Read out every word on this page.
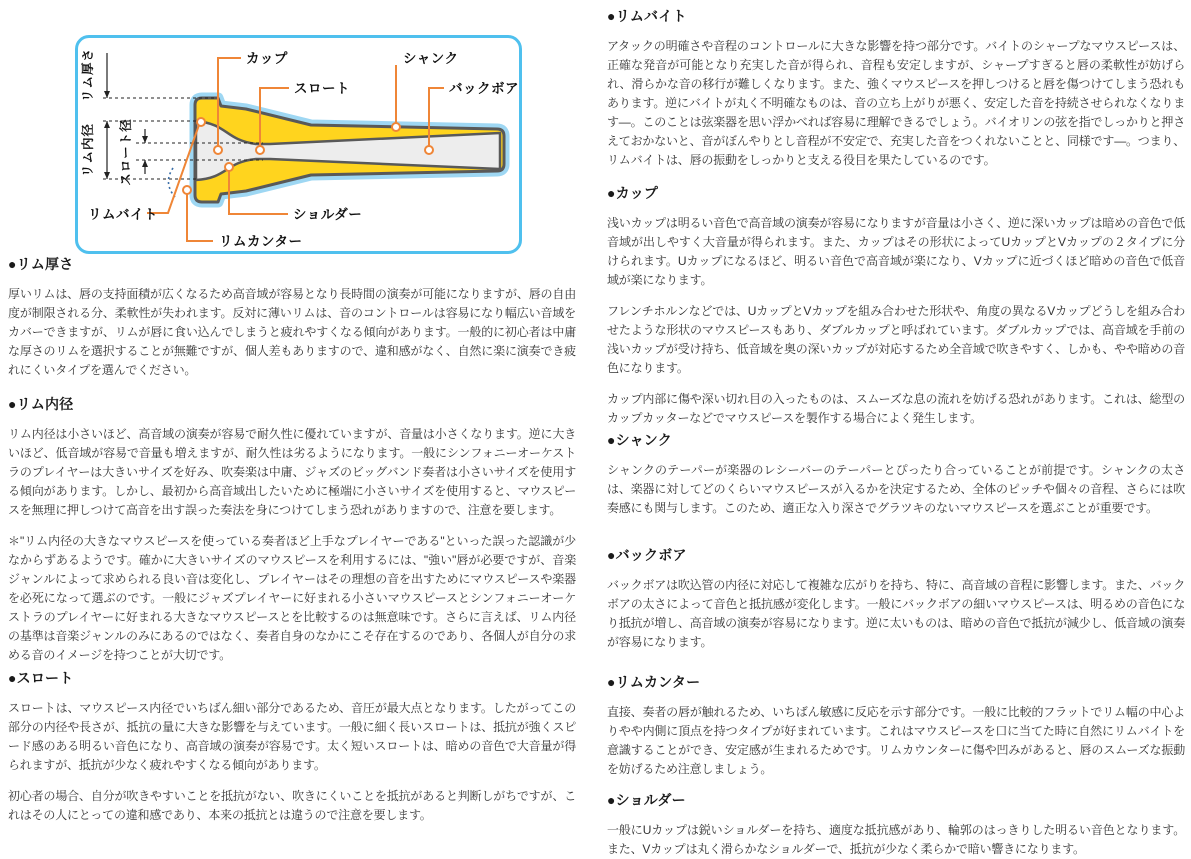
リム厚さ
リム内径 スロート径
カップ
スロート
シャンク
バックボア
リムバイト	ショルダー
リムカンター
●リム厚さ

厚いリムは、唇の支持面積が広くなるため高音域が容易となり長時間の演奏が可能になりますが、唇の自由度が制限される分、柔軟性が失われます。反対に薄いリムは、音のコントロールは容易になり幅広い音域をカバーできますが、リムが唇に食い込んでしまうと疲れやすくなる傾向があります。一般的に初心者は中庸な厚さのリムを選択することが無難ですが、個人差もありますので、違和感がなく、自然に楽に演奏でき疲れにくいタイプを選んでください。

●リム内径

リム内径は小さいほど、高音域の演奏が容易で耐久性に優れていますが、音量は小さくなります。逆に大きいほど、低音域が容易で音量も増えますが、耐久性は劣るようになります。一般にシンフォニーオーケストラのプレイヤーは大きいサイズを好み、吹奏楽は中庸、ジャズのビッグバンド奏者は小さいサイズを使用する傾向があります。しかし、最初から高音域出したいために極端に小さいサイズを使用すると、マウスピースを無理に押しつけて高音を出す誤った奏法を身につけてしまう恐れがありますので、注意を要します。

＊"リム内径の大きなマウスピースを使っている奏者ほど上手なプレイヤーである"といった誤った認識が少なからずあるようです。確かに大きいサイズのマウスピースを利用するには、"強い"唇が必要ですが、音楽ジャンルによって求められる良い音は変化し、プレイヤーはその理想の音を出すためにマウスピースや楽器を必死になって選ぶのです。一般にジャズプレイヤーに好まれる小さいマウスピースとシンフォニーオーケストラのプレイヤーに好まれる大きなマウスピースとを比較するのは無意味です。さらに言えば、リム内径の基準は音楽ジャンルのみにあるのではなく、奏者自身のなかにこそ存在するのであり、各個人が自分の求める音のイメージを持つことが大切です。

●スロート

スロートは、マウスピース内径でいちばん細い部分であるため、音圧が最大点となります。したがってこの部分の内径や長さが、抵抗の量に大きな影響を与えています。一般に細く長いスロートは、抵抗が強くスピード感のある明るい音色になり、高音域の演奏が容易です。太く短いスロートは、暗めの音色で大音量が得られますが、抵抗が少なく疲れやすくなる傾向があります。

初心者の場合、自分が吹きやすいことを抵抗がない、吹きにくいことを抵抗があると判断しがちですが、これはその人にとっての違和感であり、本来の抵抗とは違うので注意を要します。

●リムバイト

アタックの明確さや音程のコントロールに大きな影響を持つ部分です。バイトのシャープなマウスピースは、正確な発音が可能となり充実した音が得られ、音程も安定しますが、シャープすぎると唇の柔軟性が妨げられ、滑らかな音の移行が難しくなります。また、強くマウスピースを押しつけると唇を傷つけてしまう恐れもあります。逆にバイトが丸く不明確なものは、音の立ち上がりが悪く、安定した音を持続させられなくなります―。このことは弦楽器を思い浮かべれば容易に理解できるでしょう。バイオリンの弦を指でしっかりと押さえておかないと、音がぼんやりとし音程が不安定で、充実した音をつくれないことと、同様です―。つまり、リムバイトは、唇の振動をしっかりと支える役目を果たしているのです。

●カップ

浅いカップは明るい音色で高音域の演奏が容易になりますが音量は小さく、逆に深いカップは暗めの音色で低音域が出しやすく大音量が得られます。また、カップはその形状によってUカップとVカップの２タイプに分けられます。Uカップになるほど、明るい音色で高音域が楽になり、Vカップに近づくほど暗めの音色で低音域が楽になります。

フレンチホルンなどでは、UカップとVカップを組み合わせた形状や、角度の異なるVカップどうしを組み合わせたような形状のマウスピースもあり、ダブルカップと呼ばれています。ダブルカップでは、高音域を手前の浅いカップが受け持ち、低音域を奥の深いカップが対応するため全音域で吹きやすく、しかも、やや暗めの音色になります。

カップ内部に傷や深い切れ目の入ったものは、スムーズな息の流れを妨げる恐れがあります。これは、総型のカップカッターなどでマウスピースを製作する場合によく発生します。

●シャンク

シャンクのテーパーが楽器のレシーバーのテーパーとぴったり合っていることが前提です。シャンクの太さは、楽器に対してどのくらいマウスピースが入るかを決定するため、全体のピッチや個々の音程、さらには吹奏感にも関与します。このため、適正な入り深さでグラツキのないマウスピースを選ぶことが重要です。

●バックボア

バックボアは吹込管の内径に対応して複雑な広がりを持ち、特に、高音域の音程に影響します。また、バックボアの太さによって音色と抵抗感が変化します。一般にバックボアの細いマウスピースは、明るめの音色になり抵抗が増し、高音域の演奏が容易になります。逆に太いものは、暗めの音色で抵抗が減少し、低音域の演奏が容易になります。

●リムカンター

直接、奏者の唇が触れるため、いちばん敏感に反応を示す部分です。一般に比較的フラットでリム幅の中心よりやや内側に頂点を持つタイプが好まれています。これはマウスピースを口に当てた時に自然にリムバイトを意識することができ、安定感が生まれるためです。リムカウンターに傷や凹みがあると、唇のスムーズな振動を妨げるため注意しましょう。

●ショルダー

一般にUカップは鋭いショルダーを持ち、適度な抵抗感があり、輪郭のはっきりした明るい音色となります。また、Vカップは丸く滑らかなショルダーで、抵抗が少なく柔らかで暗い響きになります。
